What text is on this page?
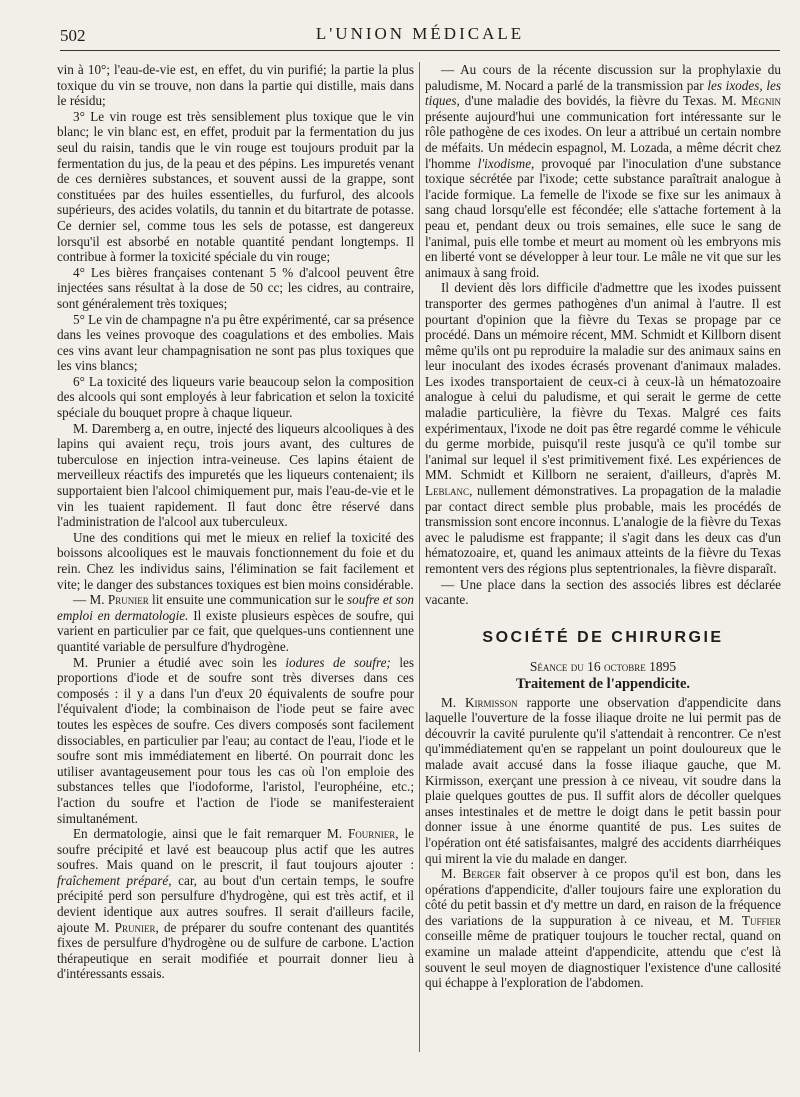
502	L'UNION MÉDICALE

vin à 10°; l'eau-de-vie est, en effet, du vin purifié; la partie la plus toxique du vin se trouve, non dans la partie qui distille, mais dans le résidu;

3° Le vin rouge est très sensiblement plus toxique que le vin blanc; le vin blanc est, en effet, produit par la fermentation du jus seul du raisin, tandis que le vin rouge est toujours produit par la fermentation du jus, de la peau et des pépins. Les impuretés venant de ces dernières substances, et souvent aussi de la grappe, sont constituées par des huiles essentielles, du furfurol, des alcools supérieurs, des acides volatils, du tannin et du bitartrate de potasse. Ce dernier sel, comme tous les sels de potasse, est dangereux lorsqu'il est absorbé en notable quantité pendant longtemps. Il contribue à former la toxicité spéciale du vin rouge;

4° Les bières françaises contenant 5 % d'alcool peuvent être injectées sans résultat à la dose de 50 cc; les cidres, au contraire, sont généralement très toxiques;

5° Le vin de champagne n'a pu être expérimenté, car sa présence dans les veines provoque des coagulations et des embolies. Mais ces vins avant leur champagnisation ne sont pas plus toxiques que les vins blancs;

6° La toxicité des liqueurs varie beaucoup selon la composition des alcools qui sont employés à leur fabrication et selon la toxicité spéciale du bouquet propre à chaque liqueur.

M. Daremberg a, en outre, injecté des liqueurs alcooliques à des lapins qui avaient reçu, trois jours avant, des cultures de tuberculose en injection intra-veineuse. Ces lapins étaient de merveilleux réactifs des impuretés que les liqueurs contenaient; ils supportaient bien l'alcool chimiquement pur, mais l'eau-de-vie et le vin les tuaient rapidement. Il faut donc être réservé dans l'administration de l'alcool aux tuberculeux.

Une des conditions qui met le mieux en relief la toxicité des boissons alcooliques est le mauvais fonctionnement du foie et du rein. Chez les individus sains, l'élimination se fait facilement et vite; le danger des substances toxiques est bien moins considérable.

— M. Prunier lit ensuite une communication sur le soufre et son emploi en dermatologie. Il existe plusieurs espèces de soufre, qui varient en particulier par ce fait, que quelques-uns contiennent une quantité variable de persulfure d'hydrogène.

M. Prunier a étudié avec soin les iodures de soufre; les proportions d'iode et de soufre sont très diverses dans ces composés : il y a dans l'un d'eux 20 équivalents de soufre pour l'équivalent d'iode; la combinaison de l'iode peut se faire avec toutes les espèces de soufre. Ces divers composés sont facilement dissociables, en particulier par l'eau; au contact de l'eau, l'iode et le soufre sont mis immédiatement en liberté. On pourrait donc les utiliser avantageusement pour tous les cas où l'on emploie des substances telles que l'iodoforme, l'aristol, l'europhéine, etc.; l'action du soufre et l'action de l'iode se manifesteraient simultanément.

En dermatologie, ainsi que le fait remarquer M. Fournier, le soufre précipité et lavé est beaucoup plus actif que les autres soufres. Mais quand on le prescrit, il faut toujours ajouter : fraîchement préparé, car, au bout d'un certain temps, le soufre précipité perd son persulfure d'hydrogène, qui est très actif, et il devient identique aux autres soufres. Il serait d'ailleurs facile, ajoute M. Prunier, de préparer du soufre contenant des quantités fixes de persulfure d'hydrogène ou de sulfure de carbone. L'action thérapeutique en serait modifiée et pourrait donner lieu à d'intéressants essais.

— Au cours de la récente discussion sur la prophylaxie du paludisme, M. Nocard a parlé de la transmission par les ixodes, les tiques, d'une maladie des bovidés, la fièvre du Texas. M. Mégnin présente aujourd'hui une communication fort intéressante sur le rôle pathogène de ces ixodes. On leur a attribué un certain nombre de méfaits. Un médecin espagnol, M. Lozada, a même décrit chez l'homme l'ixodisme, provoqué par l'inoculation d'une substance toxique sécrétée par l'ixode; cette substance paraîtrait analogue à l'acide formique. La femelle de l'ixode se fixe sur les animaux à sang chaud lorsqu'elle est fécondée; elle s'attache fortement à la peau et, pendant deux ou trois semaines, elle suce le sang de l'animal, puis elle tombe et meurt au moment où les embryons mis en liberté vont se développer à leur tour. Le mâle ne vit que sur les animaux à sang froid.

Il devient dès lors difficile d'admettre que les ixodes puissent transporter des germes pathogènes d'un animal à l'autre. Il est pourtant d'opinion que la fièvre du Texas se propage par ce procédé. Dans un mémoire récent, MM. Schmidt et Killborn disent même qu'ils ont pu reproduire la maladie sur des animaux sains en leur inoculant des ixodes écrasés provenant d'animaux malades. Les ixodes transportaient de ceux-ci à ceux-là un hématozoaire analogue à celui du paludisme, et qui serait le germe de cette maladie particulière, la fièvre du Texas. Malgré ces faits expérimentaux, l'ixode ne doit pas être regardé comme le véhicule du germe morbide, puisqu'il reste jusqu'à ce qu'il tombe sur l'animal sur lequel il s'est primitivement fixé. Les expériences de MM. Schmidt et Killborn ne seraient, d'ailleurs, d'après M. Leblanc, nullement démonstratives. La propagation de la maladie par contact direct semble plus probable, mais les procédés de transmission sont encore inconnus. L'analogie de la fièvre du Texas avec le paludisme est frappante; il s'agit dans les deux cas d'un hématozoaire, et, quand les animaux atteints de la fièvre du Texas remontent vers des régions plus septentrionales, la fièvre disparaît.

— Une place dans la section des associés libres est déclarée vacante.

SOCIÉTÉ DE CHIRURGIE
Séance du 16 octobre 1895
Traitement de l'appendicite.

M. Kirmisson rapporte une observation d'appendicite dans laquelle l'ouverture de la fosse iliaque droite ne lui permit pas de découvrir la cavité purulente qu'il s'attendait à rencontrer. Ce n'est qu'immédiatement qu'en se rappelant un point douloureux que le malade avait accusé dans la fosse iliaque gauche, que M. Kirmisson, exerçant une pression à ce niveau, vit soudre dans la plaie quelques gouttes de pus. Il suffit alors de décoller quelques anses intestinales et de mettre le doigt dans le petit bassin pour donner issue à une énorme quantité de pus. Les suites de l'opération ont été satisfaisantes, malgré des accidents diarrhéiques qui mirent la vie du malade en danger.

M. Berger fait observer à ce propos qu'il est bon, dans les opérations d'appendicite, d'aller toujours faire une exploration du côté du petit bassin et d'y mettre un dard, en raison de la fréquence des variations de la suppuration à ce niveau, et M. Tuffier conseille même de pratiquer toujours le toucher rectal, quand on examine un malade atteint d'appendicite, attendu que c'est là souvent le seul moyen de diagnostiquer l'existence d'une callosité qui échappe à l'exploration de l'abdomen.
